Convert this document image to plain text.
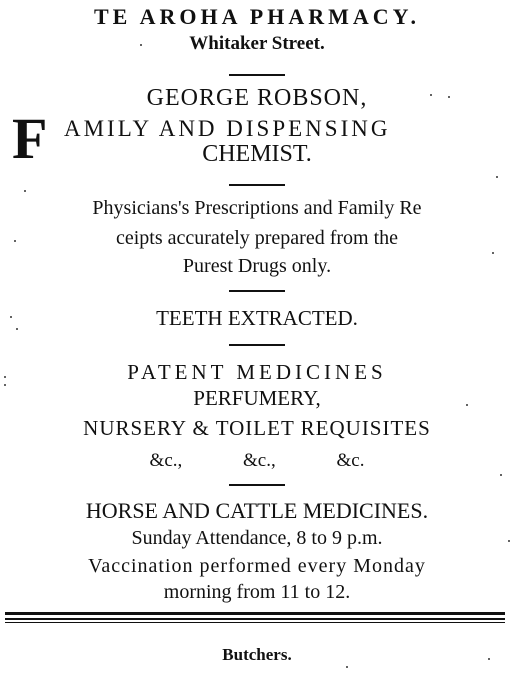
TE AROHA PHARMACY.
Whitaker Street.
GEORGE ROBSON,
F AMILY AND DISPENSING
CHEMIST.
Physicians's Prescriptions and Family Re
ceipts accurately prepared from the
Purest Drugs only.
TEETH EXTRACTED.
PATENT MEDICINES
PERFUMERY,
NURSERY & TOILET REQUISITES
&c.,	&c.,	&c.
HORSE AND CATTLE MEDICINES.
Sunday Attendance, 8 to 9 p.m.
Vaccination performed every Monday
morning from 11 to 12.
Butchers.
